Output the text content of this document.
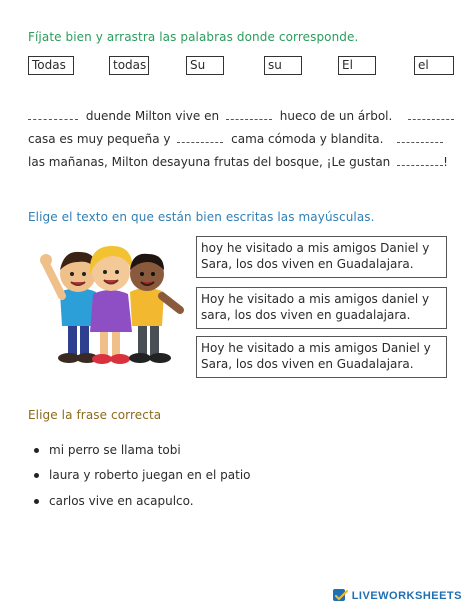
Fíjate bien y arrastra las palabras donde corresponde.
Todas	todas	Su	su	El	el
duende Milton vive en	hueco de un árbol.
casa es muy pequeña y	cama cómoda y blandita.
las mañanas, Milton desayuna frutas del bosque, ¡Le gustan	!
Elige el texto en que están bien escritas las mayúsculas.
hoy he visitado a mis amigos Daniel y
Sara, los dos viven en Guadalajara.
Hoy he visitado a mis amigos daniel y
sara, los dos viven en guadalajara.
Hoy he visitado a mis amigos Daniel y
Sara, los dos viven en Guadalajara.
Elige la frase correcta
mi perro se llama tobi
laura y roberto juegan en el patio
carlos vive en acapulco.
LIVEWORKSHEETS
